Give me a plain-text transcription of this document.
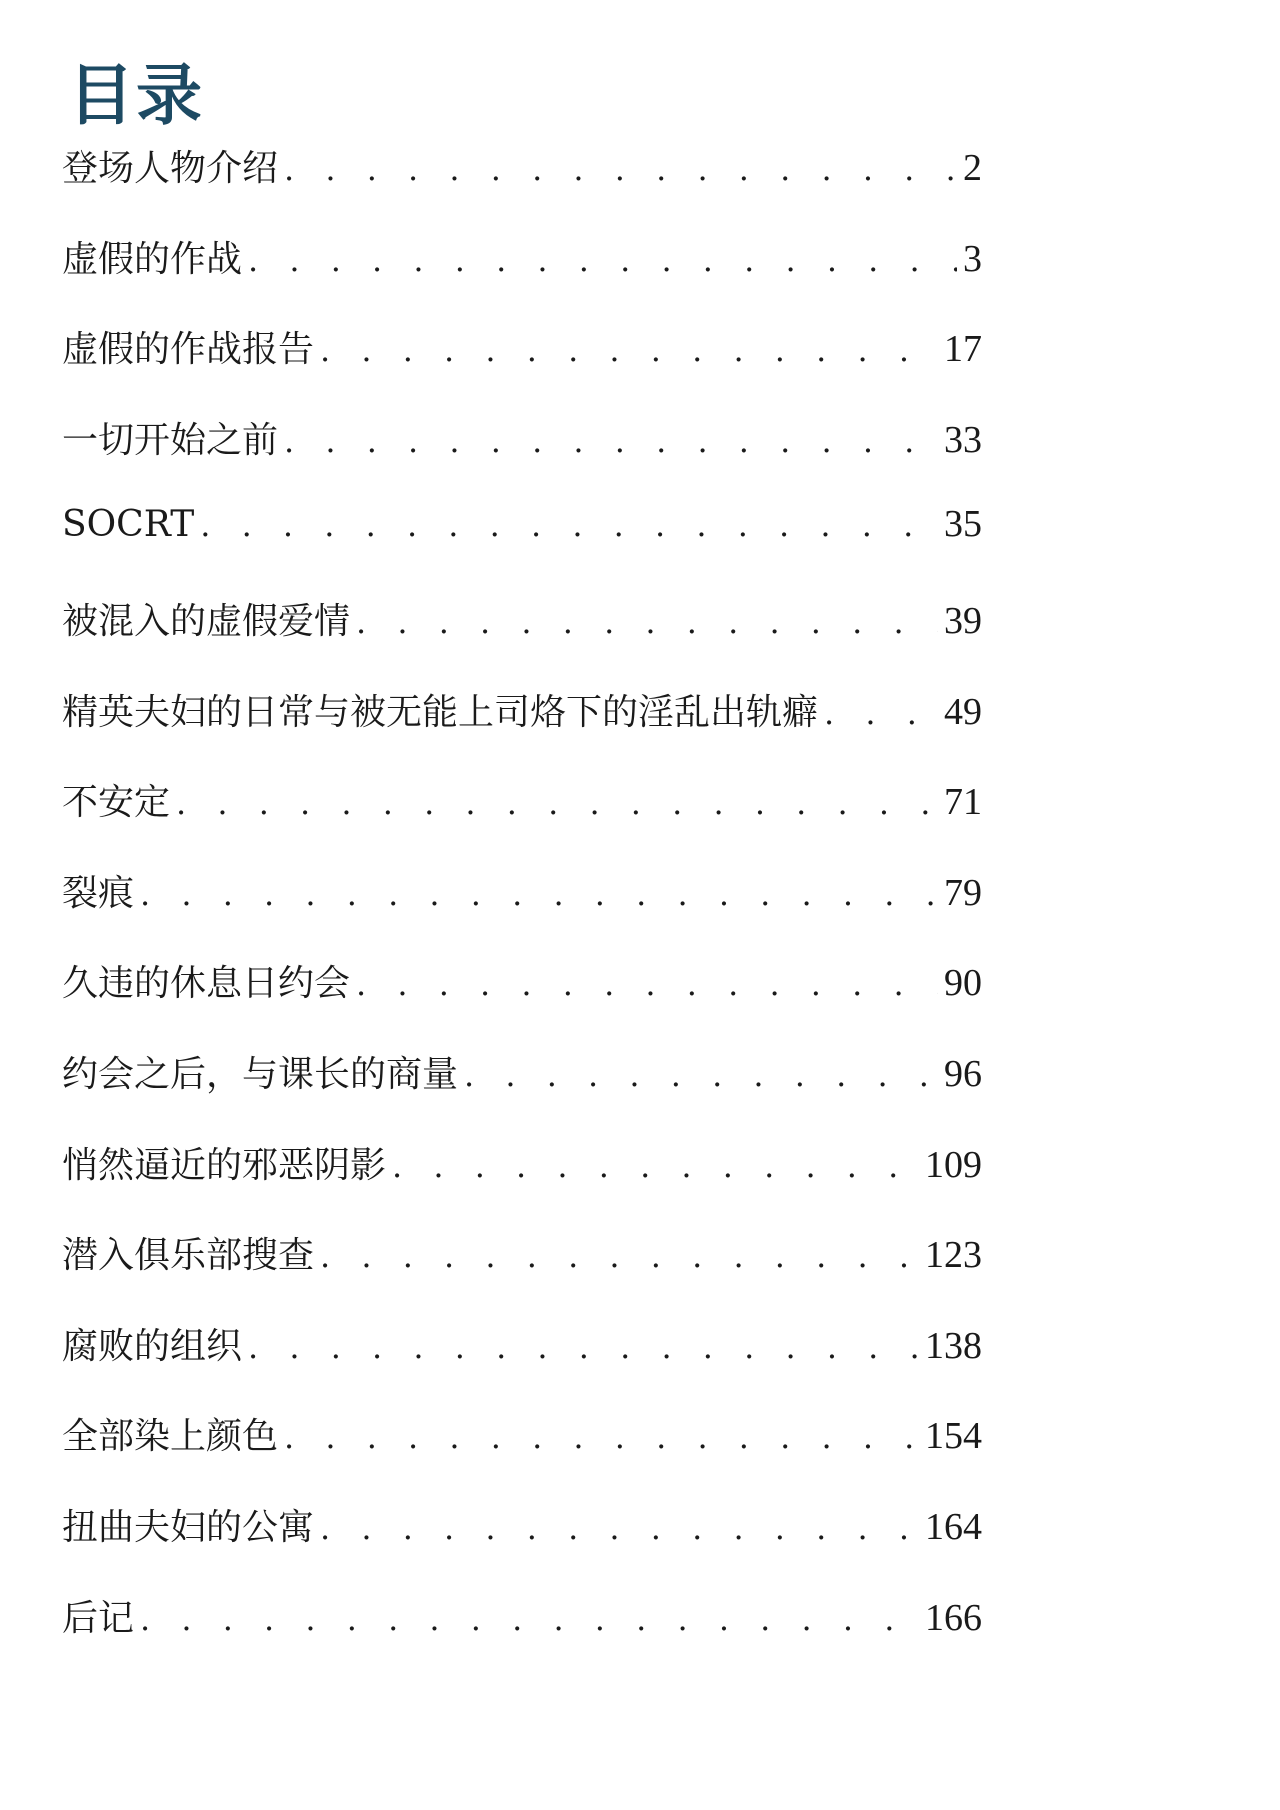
目录
登场人物介绍 . . .	2
虚假的作战 . . .	3
虚假的作战报告 . . .	17
一切开始之前 . . .	33
SOCRT . . .	35
被混入的虚假爱情 . . .	39
精英夫妇的日常与被无能上司烙下的淫乱出轨癖 . . .	49
不安定 . . .	71
裂痕 . . .	79
久违的休息日约会 . . .	90
约会之后，与课长的商量 . . .	96
悄然逼近的邪恶阴影 . . .	109
潜入俱乐部搜查 . . .	123
腐败的组织 . . .	138
全部染上颜色 . . .	154
扭曲夫妇的公寓 . . .	164
后记 . . .	166
